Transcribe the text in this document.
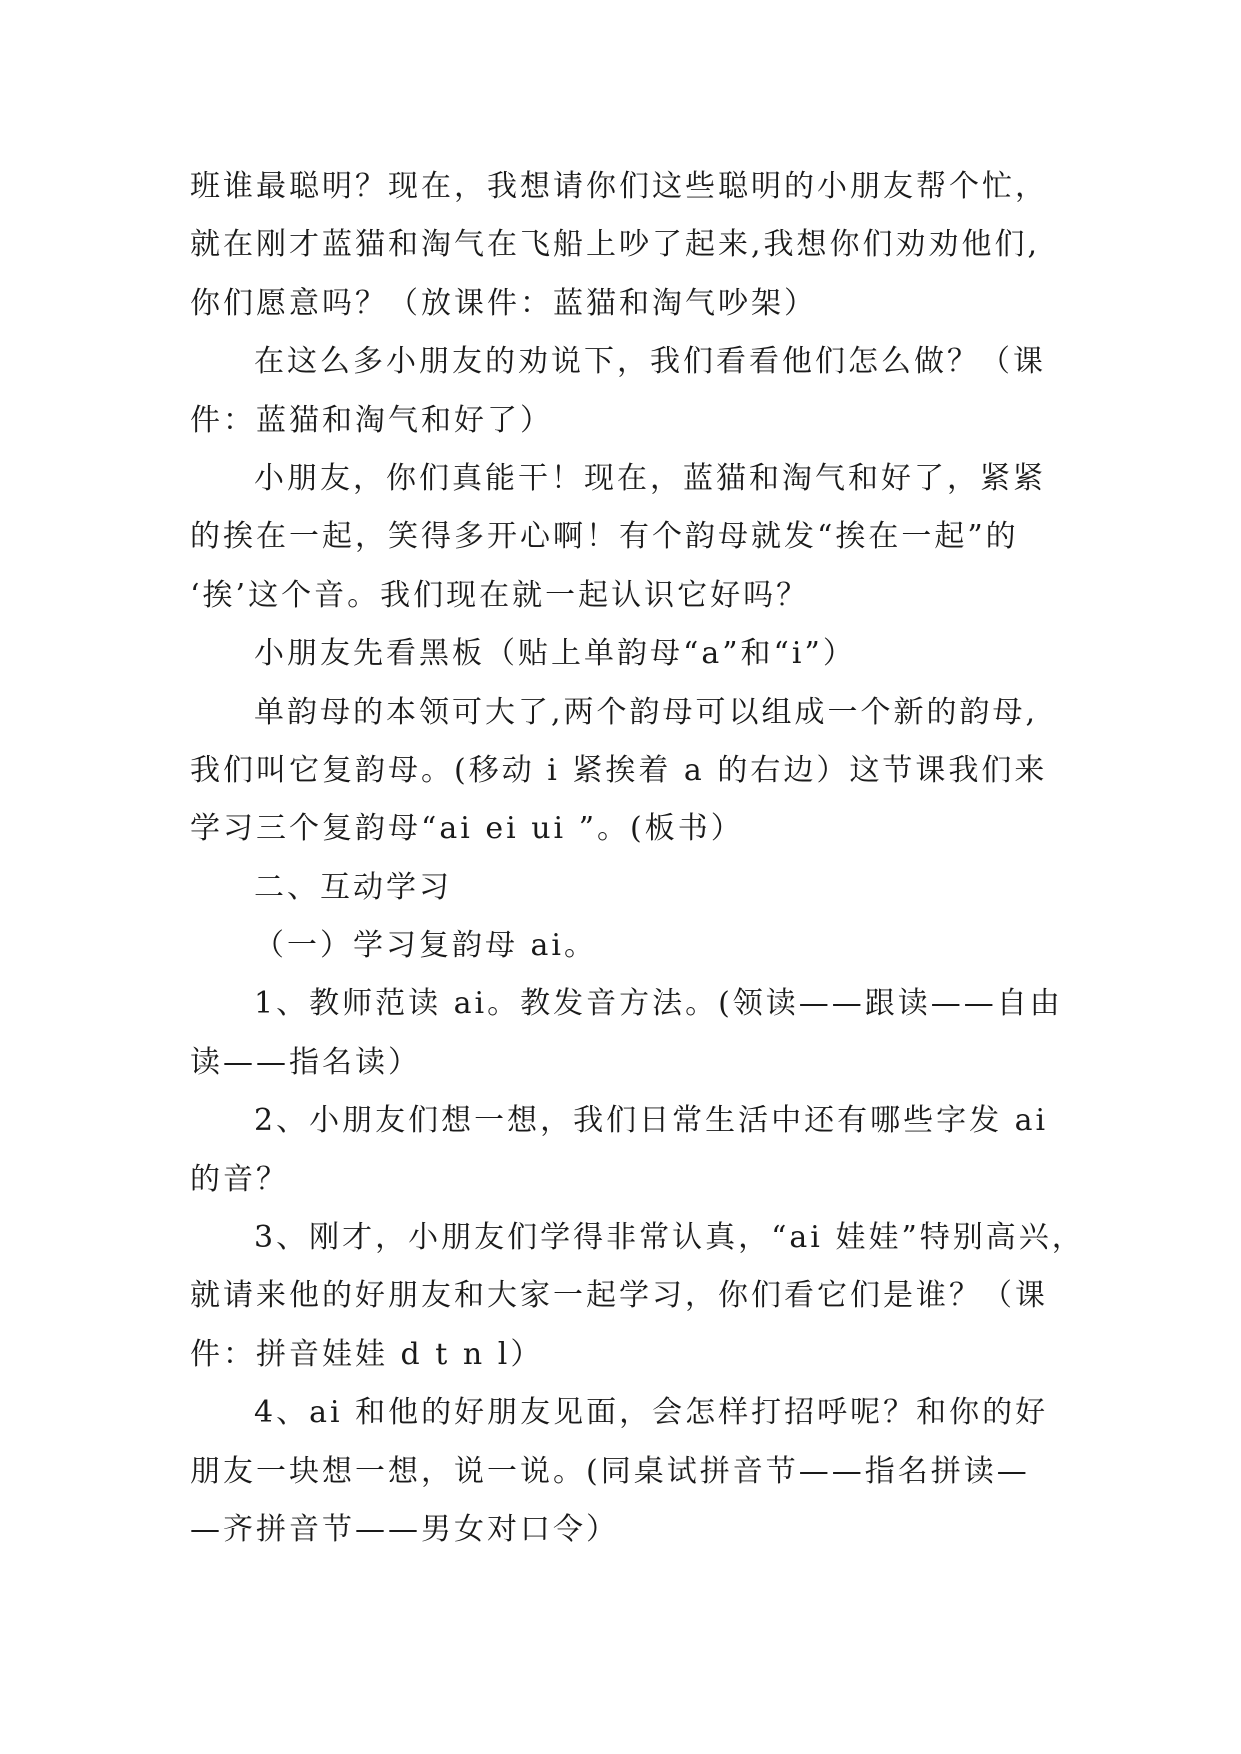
班谁最聪明？现在，我想请你们这些聪明的小朋友帮个忙，
就在刚才蓝猫和淘气在飞船上吵了起来,我想你们劝劝他们,
你们愿意吗？（放课件：蓝猫和淘气吵架）
在这么多小朋友的劝说下，我们看看他们怎么做？（课
件：蓝猫和淘气和好了）
小朋友，你们真能干！现在，蓝猫和淘气和好了，紧紧
的挨在一起，笑得多开心啊！有个韵母就发“挨在一起”的
‘挨’这个音。我们现在就一起认识它好吗？
小朋友先看黑板（贴上单韵母“a”和“i”）
单韵母的本领可大了,两个韵母可以组成一个新的韵母,
我们叫它复韵母。(移动 i 紧挨着 a 的右边）这节课我们来
学习三个复韵母“ai ei ui ”。(板书）
二、互动学习
（一）学习复韵母 ai。
1、教师范读 ai。教发音方法。(领读——跟读——自由
读——指名读）
2、小朋友们想一想，我们日常生活中还有哪些字发 ai
的音？
3、刚才，小朋友们学得非常认真，“ai 娃娃”特别高兴，
就请来他的好朋友和大家一起学习，你们看它们是谁？（课
件：拼音娃娃 d t n l）
4、ai 和他的好朋友见面，会怎样打招呼呢？和你的好
朋友一块想一想，说一说。(同桌试拼音节——指名拼读—
—齐拼音节——男女对口令）
